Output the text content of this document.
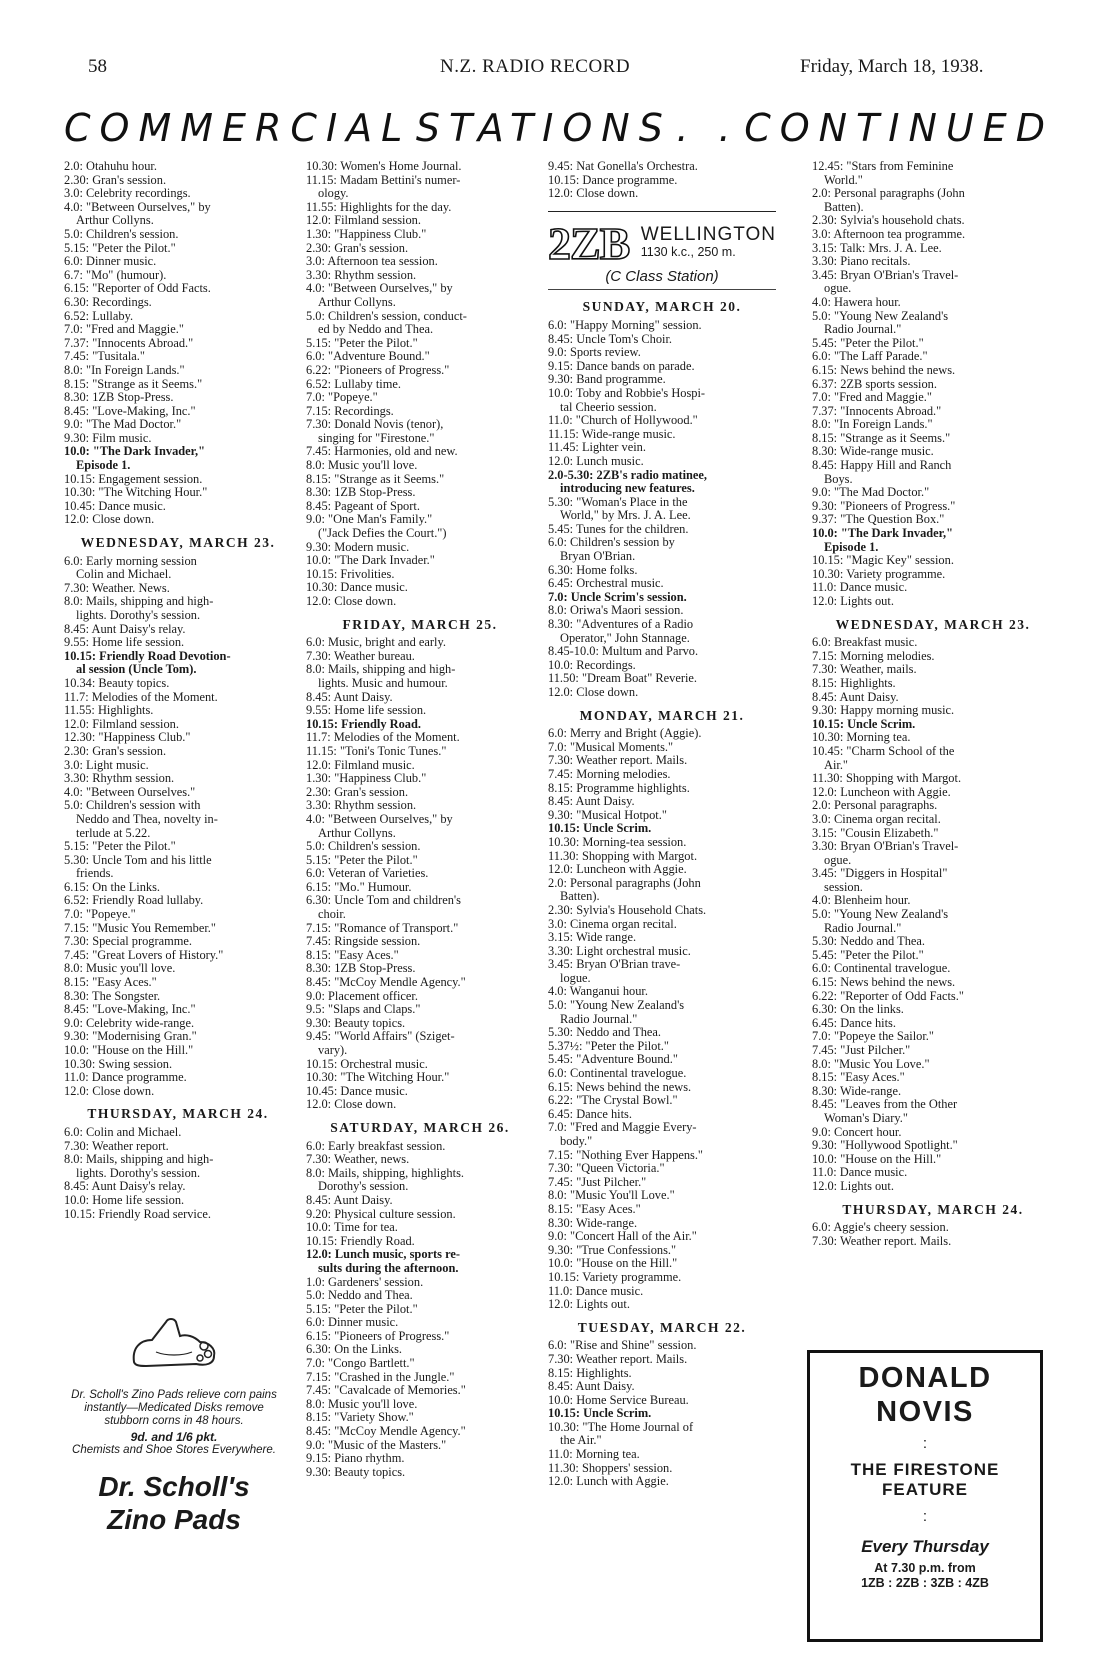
58	N.Z. RADIO RECORD	Friday, March 18, 1938.
COMMERCIAL STATIONS . . CONTINUED
2.0: Otahuhu hour.
2.30: Gran's session.
3.0: Celebrity recordings.
4.0: "Between Ourselves," by
Arthur Collyns.
5.0: Children's session.
5.15: "Peter the Pilot."
6.0: Dinner music.
6.7: "Mo" (humour).
6.15: "Reporter of Odd Facts.
6.30: Recordings.
6.52: Lullaby.
7.0: "Fred and Maggie."
7.37: "Innocents Abroad."
7.45: "Tusitala."
8.0: "In Foreign Lands."
8.15: "Strange as it Seems."
8.30: 1ZB Stop-Press.
8.45: "Love-Making, Inc."
9.0: "The Mad Doctor."
9.30: Film music.
10.0: "The Dark Invader,"
Episode 1.
10.15: Engagement session.
10.30: "The Witching Hour."
10.45: Dance music.
12.0: Close down.
WEDNESDAY, MARCH 23.
6.0: Early morning session
Colin and Michael.
7.30: Weather. News.
8.0: Mails, shipping and high-
lights. Dorothy's session.
8.45: Aunt Daisy's relay.
9.55: Home life session.
10.15: Friendly Road Devotion-
al session (Uncle Tom).
10.34: Beauty topics.
11.7: Melodies of the Moment.
11.55: Highlights.
12.0: Filmland session.
12.30: "Happiness Club."
2.30: Gran's session.
3.0: Light music.
3.30: Rhythm session.
4.0: "Between Ourselves."
5.0: Children's session with
Neddo and Thea, novelty in-
terlude at 5.22.
5.15: "Peter the Pilot."
5.30: Uncle Tom and his little
friends.
6.15: On the Links.
6.52: Friendly Road lullaby.
7.0: "Popeye."
7.15: "Music You Remember."
7.30: Special programme.
7.45: "Great Lovers of History."
8.0: Music you'll love.
8.15: "Easy Aces."
8.30: The Songster.
8.45: "Love-Making, Inc."
9.0: Celebrity wide-range.
9.30: "Modernising Gran."
10.0: "House on the Hill."
10.30: Swing session.
11.0: Dance programme.
12.0: Close down.
THURSDAY, MARCH 24.
6.0: Colin and Michael.
7.30: Weather report.
8.0: Mails, shipping and high-
lights. Dorothy's session.
8.45: Aunt Daisy's relay.
10.0: Home life session.
10.15: Friendly Road service.
10.30: Women's Home Journal.
11.15: Madam Bettini's numer-
ology.
11.55: Highlights for the day.
12.0: Filmland session.
1.30: "Happiness Club."
2.30: Gran's session.
3.0: Afternoon tea session.
3.30: Rhythm session.
4.0: "Between Ourselves," by
Arthur Collyns.
5.0: Children's session, conduct-
ed by Neddo and Thea.
5.15: "Peter the Pilot."
6.0: "Adventure Bound."
6.22: "Pioneers of Progress."
6.52: Lullaby time.
7.0: "Popeye."
7.15: Recordings.
7.30: Donald Novis (tenor),
singing for "Firestone."
7.45: Harmonies, old and new.
8.0: Music you'll love.
8.15: "Strange as it Seems."
8.30: 1ZB Stop-Press.
8.45: Pageant of Sport.
9.0: "One Man's Family."
("Jack Defies the Court.")
9.30: Modern music.
10.0: "The Dark Invader."
10.15: Frivolities.
10.30: Dance music.
12.0: Close down.
FRIDAY, MARCH 25.
6.0: Music, bright and early.
7.30: Weather bureau.
8.0: Mails, shipping and high-
lights. Music and humour.
8.45: Aunt Daisy.
9.55: Home life session.
10.15: Friendly Road.
11.7: Melodies of the Moment.
11.15: "Toni's Tonic Tunes."
12.0: Filmland music.
1.30: "Happiness Club."
2.30: Gran's session.
3.30: Rhythm session.
4.0: "Between Ourselves," by
Arthur Collyns.
5.0: Children's session.
5.15: "Peter the Pilot."
6.0: Veteran of Varieties.
6.15: "Mo." Humour.
6.30: Uncle Tom and children's
choir.
7.15: "Romance of Transport."
7.45: Ringside session.
8.15: "Easy Aces."
8.30: 1ZB Stop-Press.
8.45: "McCoy Mendle Agency."
9.0: Placement officer.
9.5: "Slaps and Claps."
9.30: Beauty topics.
9.45: "World Affairs" (Sziget-
vary).
10.15: Orchestral music.
10.30: "The Witching Hour."
10.45: Dance music.
12.0: Close down.
SATURDAY, MARCH 26.
6.0: Early breakfast session.
7.30: Weather, news.
8.0: Mails, shipping, highlights.
Dorothy's session.
8.45: Aunt Daisy.
9.20: Physical culture session.
10.0: Time for tea.
10.15: Friendly Road.
12.0: Lunch music, sports re-
sults during the afternoon.
1.0: Gardeners' session.
5.0: Neddo and Thea.
5.15: "Peter the Pilot."
6.0: Dinner music.
6.15: "Pioneers of Progress."
6.30: On the Links.
7.0: "Congo Bartlett."
7.15: "Crashed in the Jungle."
7.45: "Cavalcade of Memories."
8.0: Music you'll love.
8.15: "Variety Show."
8.45: "McCoy Mendle Agency."
9.0: "Music of the Masters."
9.15: Piano rhythm.
9.30: Beauty topics.
9.45: Nat Gonella's Orchestra.
10.15: Dance programme.
12.0: Close down.
2ZB WELLINGTON
1130 k.c., 250 m.
(C Class Station)
SUNDAY, MARCH 20.
6.0: "Happy Morning" session.
8.45: Uncle Tom's Choir.
9.0: Sports review.
9.15: Dance bands on parade.
9.30: Band programme.
10.0: Toby and Robbie's Hospi-
tal Cheerio session.
11.0: "Church of Hollywood."
11.15: Wide-range music.
11.45: Lighter vein.
12.0: Lunch music.
2.0-5.30: 2ZB's radio matinee,
introducing new features.
5.30: "Woman's Place in the
World," by Mrs. J. A. Lee.
5.45: Tunes for the children.
6.0: Children's session by
Bryan O'Brian.
6.30: Home folks.
6.45: Orchestral music.
7.0: Uncle Scrim's session.
8.0: Oriwa's Maori session.
8.30: "Adventures of a Radio
Operator," John Stannage.
8.45-10.0: Multum and Parvo.
10.0: Recordings.
11.50: "Dream Boat" Reverie.
12.0: Close down.
MONDAY, MARCH 21.
6.0: Merry and Bright (Aggie).
7.0: "Musical Moments."
7.30: Weather report. Mails.
7.45: Morning melodies.
8.15: Programme highlights.
8.45: Aunt Daisy.
9.30: "Musical Hotpot."
10.15: Uncle Scrim.
10.30: Morning-tea session.
11.30: Shopping with Margot.
12.0: Luncheon with Aggie.
2.0: Personal paragraphs (John
Batten).
2.30: Sylvia's Household Chats.
3.0: Cinema organ recital.
3.15: Wide range.
3.30: Light orchestral music.
3.45: Bryan O'Brian trave-
logue.
4.0: Wanganui hour.
5.0: "Young New Zealand's
Radio Journal."
5.30: Neddo and Thea.
5.37½: "Peter the Pilot."
5.45: "Adventure Bound."
6.0: Continental travelogue.
6.15: News behind the news.
6.22: "The Crystal Bowl."
6.45: Dance hits.
7.0: "Fred and Maggie Every-
body."
7.15: "Nothing Ever Happens."
7.30: "Queen Victoria."
7.45: "Just Pilcher."
8.0: "Music You'll Love."
8.15: "Easy Aces."
8.30: Wide-range.
9.0: "Concert Hall of the Air."
9.30: "True Confessions."
10.0: "House on the Hill."
10.15: Variety programme.
11.0: Dance music.
12.0: Lights out.
TUESDAY, MARCH 22.
6.0: "Rise and Shine" session.
7.30: Weather report. Mails.
8.15: Highlights.
8.45: Aunt Daisy.
10.0: Home Service Bureau.
10.15: Uncle Scrim.
10.30: "The Home Journal of
the Air."
11.0: Morning tea.
11.30: Shoppers' session.
12.0: Lunch with Aggie.
12.45: "Stars from Feminine
World."
2.0: Personal paragraphs (John
Batten).
2.30: Sylvia's household chats.
3.0: Afternoon tea programme.
3.15: Talk: Mrs. J. A. Lee.
3.30: Piano recitals.
3.45: Bryan O'Brian's Travel-
ogue.
4.0: Hawera hour.
5.0: "Young New Zealand's
Radio Journal."
5.45: "Peter the Pilot."
6.0: "The Laff Parade."
6.15: News behind the news.
6.37: 2ZB sports session.
7.0: "Fred and Maggie."
7.37: "Innocents Abroad."
8.0: "In Foreign Lands."
8.15: "Strange as it Seems."
8.30: Wide-range music.
8.45: Happy Hill and Ranch
Boys.
9.0: "The Mad Doctor."
9.30: "Pioneers of Progress."
9.37: "The Question Box."
10.0: "The Dark Invader,"
Episode 1.
10.15: "Magic Key" session.
10.30: Variety programme.
11.0: Dance music.
12.0: Lights out.
WEDNESDAY, MARCH 23.
6.0: Breakfast music.
7.15: Morning melodies.
7.30: Weather, mails.
8.15: Highlights.
8.45: Aunt Daisy.
9.30: Happy morning music.
10.15: Uncle Scrim.
10.30: Morning tea.
10.45: "Charm School of the
Air."
11.30: Shopping with Margot.
12.0: Luncheon with Aggie.
2.0: Personal paragraphs.
3.0: Cinema organ recital.
3.15: "Cousin Elizabeth."
3.30: Bryan O'Brian's Travel-
ogue.
3.45: "Diggers in Hospital"
session.
4.0: Blenheim hour.
5.0: "Young New Zealand's
Radio Journal."
5.30: Neddo and Thea.
5.45: "Peter the Pilot."
6.0: Continental travelogue.
6.15: News behind the news.
6.22: "Reporter of Odd Facts."
6.30: On the links.
6.45: Dance hits.
7.0: "Popeye the Sailor."
7.45: "Just Pilcher."
8.0: "Music You Love."
8.15: "Easy Aces."
8.30: Wide-range.
8.45: "Leaves from the Other
Woman's Diary."
9.0: Concert hour.
9.30: "Hollywood Spotlight."
10.0: "House on the Hill."
11.0: Dance music.
12.0: Lights out.
THURSDAY, MARCH 24.
6.0: Aggie's cheery session.
7.30: Weather report. Mails.
Dr. Scholl's Zino Pads relieve corn pains instantly—Medicated Disks remove stubborn corns in 48 hours.
9d. and 1/6 pkt.
Chemists and Shoe Stores Everywhere.
Dr. Scholl's
Zino Pads
DONALD
NOVIS
:
THE FIRESTONE
FEATURE
:
Every Thursday
At 7.30 p.m. from
1ZB : 2ZB : 3ZB : 4ZB
